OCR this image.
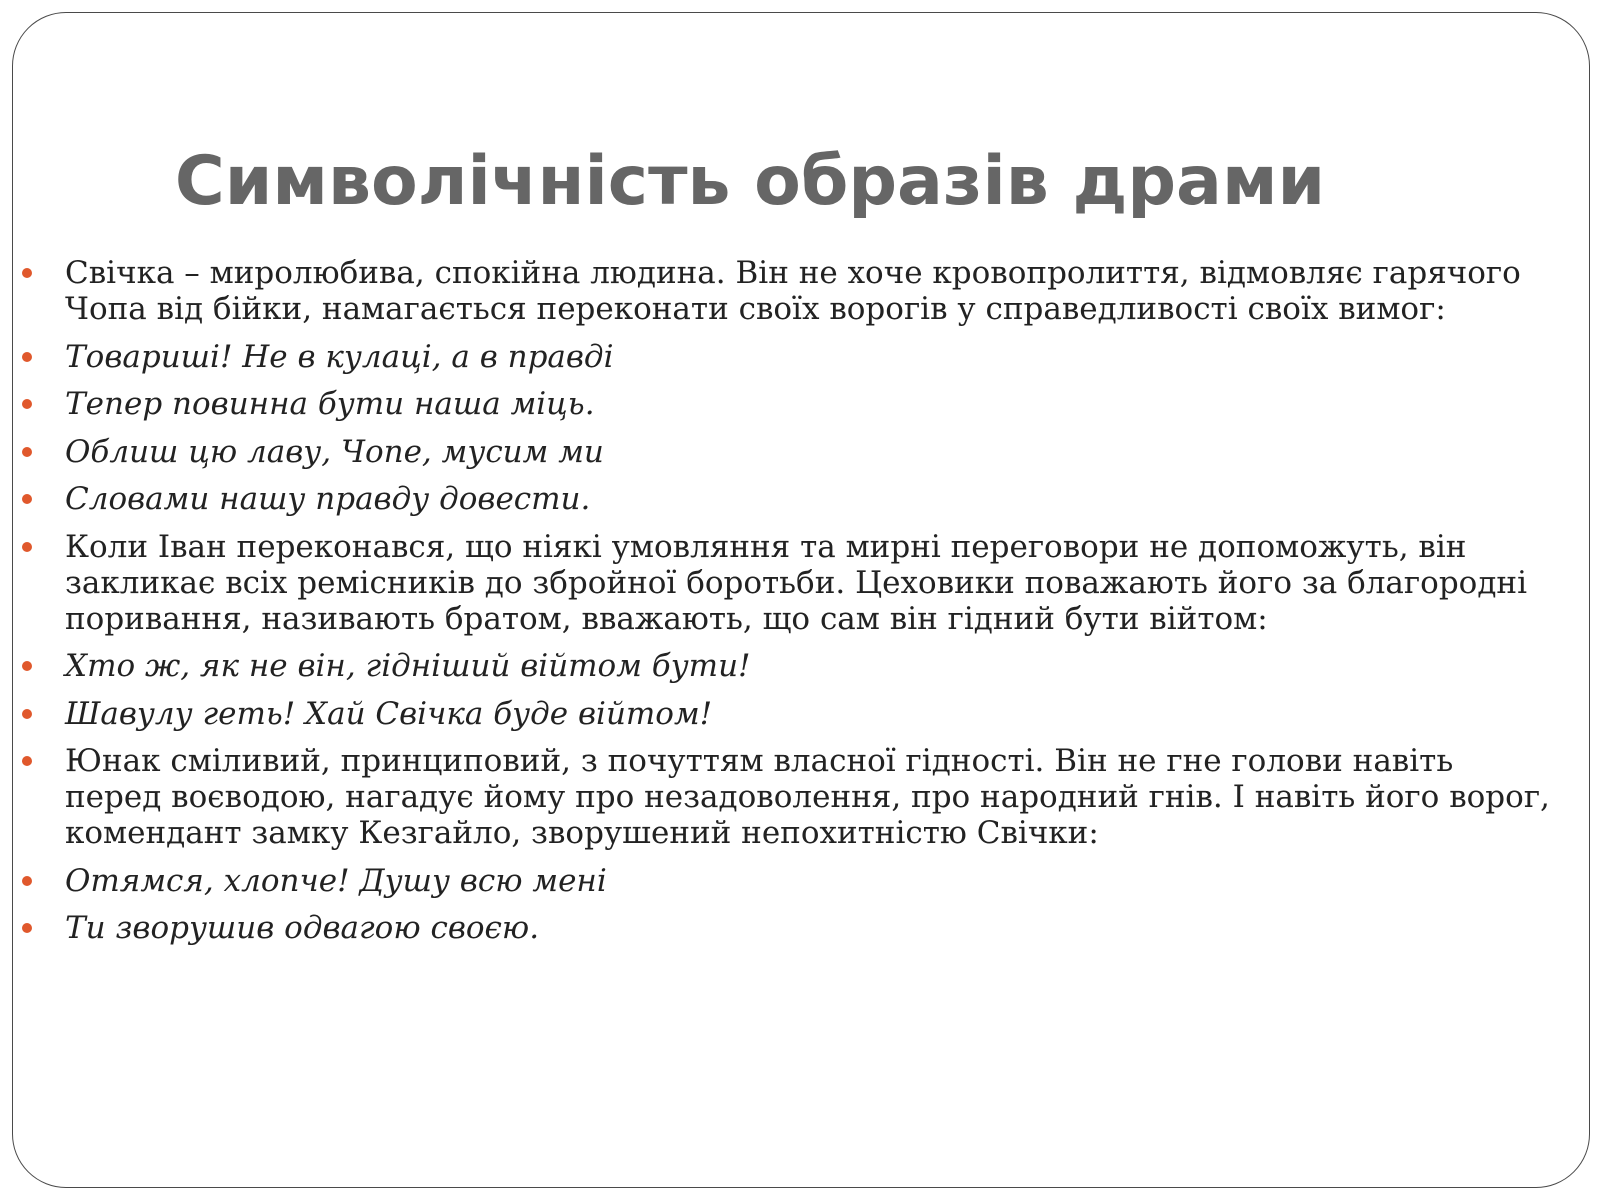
Символічність образів драми
Свічка – миролюбива, спокійна людина. Він не хоче кровопролиття, відмовляє гарячого Чопа від бійки, намагається переконати своїх ворогів у справедливості своїх вимог:
Товариші! Не в кулаці, а в правді
Тепер повинна бути наша міць.
Облиш цю лаву, Чопе, мусим ми
Словами нашу правду довести.
Коли Іван переконався, що ніякі умовляння та мирні переговори не допоможуть, він закликає всіх ремісників до збройної боротьби. Цеховики поважають його за благородні поривання, називають братом, вважають, що сам він гідний бути війтом:
Хто ж, як не він, гідніший війтом бути!
Шавулу геть! Хай Свічка буде війтом!
Юнак сміливий, принциповий, з почуттям власної гідності. Він не гне голови навіть перед воєводою, нагадує йому про незадоволення, про народний гнів. І навіть його ворог, комендант замку Кезгайло, зворушений непохитністю Свічки:
Отямся, хлопче! Душу всю мені
Ти зворушив одвагою своєю.
